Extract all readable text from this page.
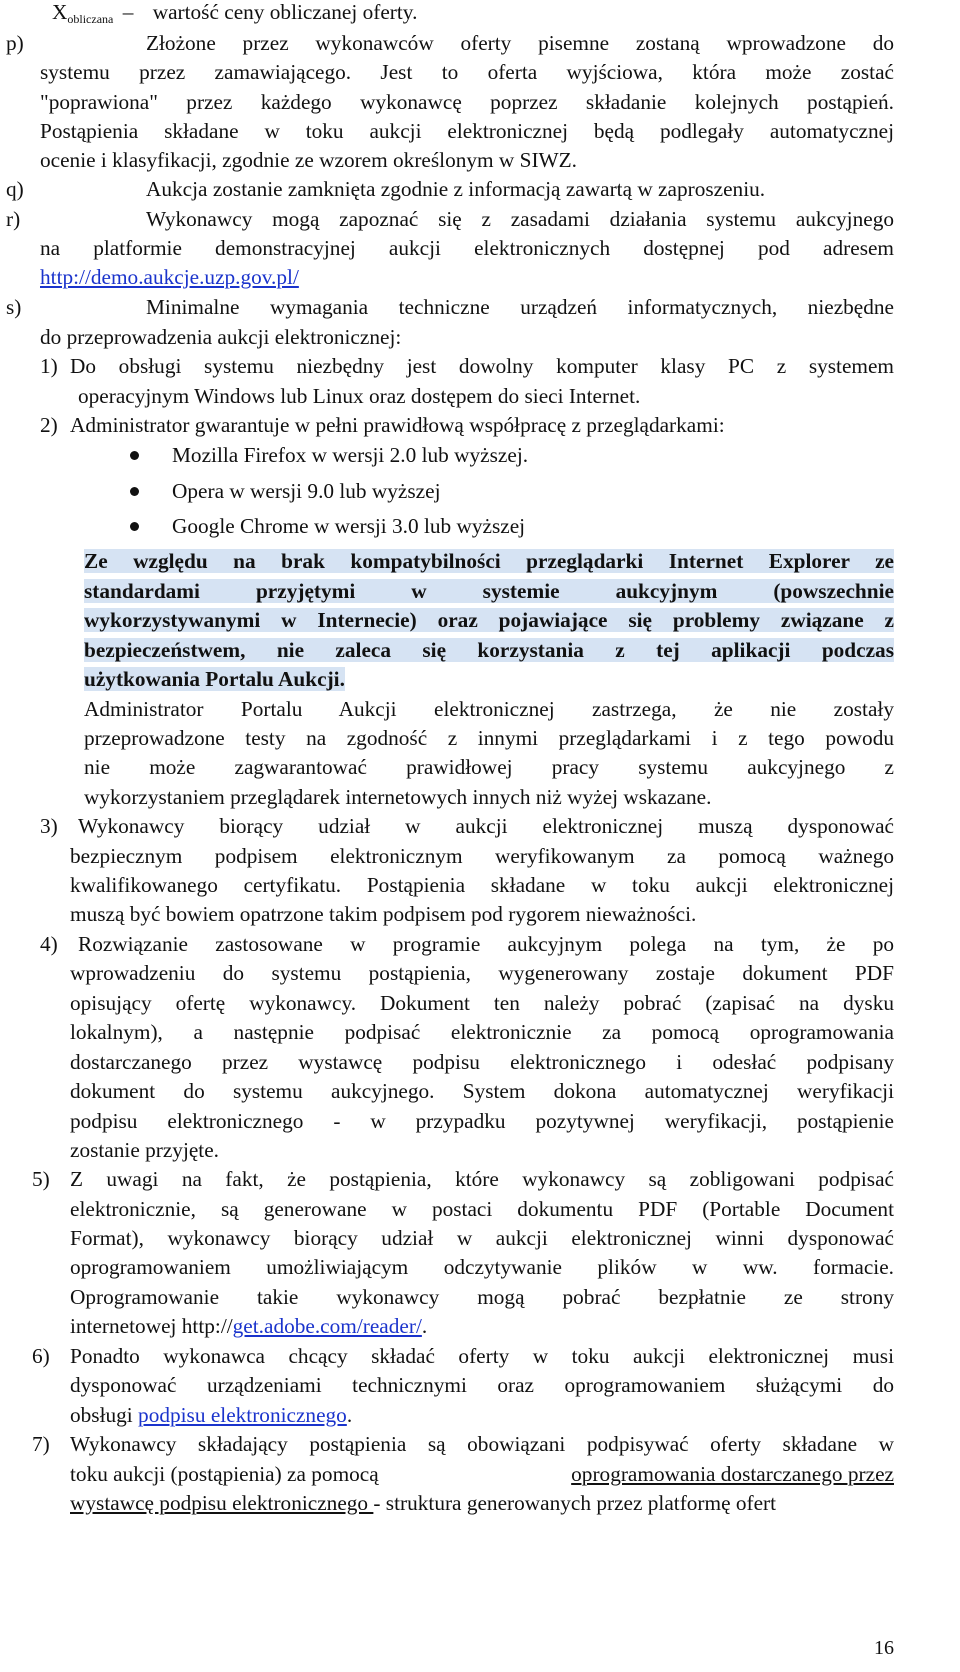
$X_{obliczana}$ – wartość ceny obliczanej oferty.
p)	Złożone przez wykonawców oferty pisemne zostaną wprowadzone do
systemu przez zamawiającego. Jest to oferta wyjściowa, która może zostać
"poprawiona" przez każdego wykonawcę poprzez składanie kolejnych postąpień.
Postąpienia składane w toku aukcji elektronicznej będą podlegały automatycznej
ocenie i klasyfikacji, zgodnie ze wzorem określonym w SIWZ.
q)	Aukcja zostanie zamknięta zgodnie z informacją zawartą w zaproszeniu.
r)	Wykonawcy mogą zapoznać się z zasadami działania systemu aukcyjnego
na platformie demonstracyjnej aukcji elektronicznych dostępnej pod adresem
http://demo.aukcje.uzp.gov.pl/
s)	Minimalne wymagania techniczne urządzeń informatycznych, niezbędne
do przeprowadzenia aukcji elektronicznej:
1) Do obsługi systemu niezbędny jest dowolny komputer klasy PC z systemem
operacyjnym Windows lub Linux oraz dostępem do sieci Internet.
2) Administrator gwarantuje w pełni prawidłową współpracę z przeglądarkami:
Mozilla Firefox w wersji 2.0 lub wyższej.
Opera w wersji 9.0 lub wyższej
Google Chrome w wersji 3.0 lub wyższej
Ze względu na brak kompatybilności przeglądarki Internet Explorer ze
standardami przyjętymi w systemie aukcyjnym (powszechnie
wykorzystywanymi w Internecie) oraz pojawiające się problemy związane z
bezpieczeństwem, nie zaleca się korzystania z tej aplikacji podczas
użytkowania Portalu Aukcji.
Administrator Portalu Aukcji elektronicznej zastrzega, że nie zostały
przeprowadzone testy na zgodność z innymi przeglądarkami i z tego powodu
nie może zagwarantować prawidłowej pracy systemu aukcyjnego z
wykorzystaniem przeglądarek internetowych innych niż wyżej wskazane.
3) Wykonawcy biorący udział w aukcji elektronicznej muszą dysponować
bezpiecznym podpisem elektronicznym weryfikowanym za pomocą ważnego
kwalifikowanego certyfikatu. Postąpienia składane w toku aukcji elektronicznej
muszą być bowiem opatrzone takim podpisem pod rygorem nieważności.
4) Rozwiązanie zastosowane w programie aukcyjnym polega na tym, że po
wprowadzeniu do systemu postąpienia, wygenerowany zostaje dokument PDF
opisujący ofertę wykonawcy. Dokument ten należy pobrać (zapisać na dysku
lokalnym), a następnie podpisać elektronicznie za pomocą oprogramowania
dostarczanego przez wystawcę podpisu elektronicznego i odesłać podpisany
dokument do systemu aukcyjnego. System dokona automatycznej weryfikacji
podpisu elektronicznego - w przypadku pozytywnej weryfikacji, postąpienie
zostanie przyjęte.
5) Z uwagi na fakt, że postąpienia, które wykonawcy są zobligowani podpisać
elektronicznie, są generowane w postaci dokumentu PDF (Portable Document
Format), wykonawcy biorący udział w aukcji elektronicznej winni dysponować
oprogramowaniem umożliwiającym odczytywanie plików w ww. formacie.
Oprogramowanie takie wykonawcy mogą pobrać bezpłatnie ze strony
internetowej http://get.adobe.com/reader/.
6) Ponadto wykonawca chcący składać oferty w toku aukcji elektronicznej musi
dysponować urządzeniami technicznymi oraz oprogramowaniem służącymi do
obsługi podpisu elektronicznego.
7) Wykonawcy składający postąpienia są obowiązani podpisywać oferty składane w
toku aukcji (postąpienia) za pomocą	oprogramowania dostarczanego przez
wystawcę podpisu elektronicznego - struktura generowanych przez platformę ofert
16
